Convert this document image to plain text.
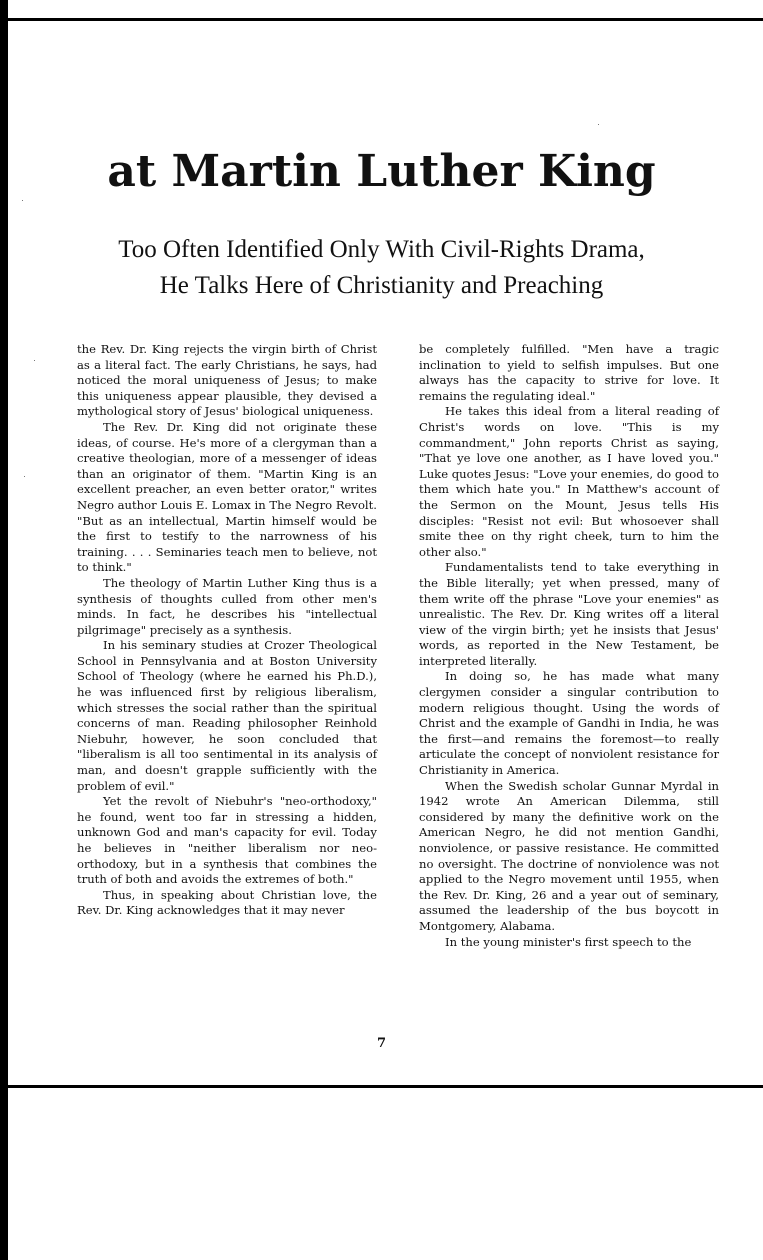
at Martin Luther King
Too Often Identified Only With Civil-Rights Drama,
He Talks Here of Christianity and Preaching

the Rev. Dr. King rejects the virgin birth of Christ as a literal fact. The early Christians, he says, had noticed the moral uniqueness of Jesus; to make this uniqueness appear plausible, they devised a mythological story of Jesus' biological uniqueness.

The Rev. Dr. King did not originate these ideas, of course. He's more of a clergyman than a creative theologian, more of a messenger of ideas than an originator of them. "Martin King is an excellent preacher, an even better orator," writes Negro author Louis E. Lomax in The Negro Revolt. "But as an intellectual, Martin himself would be the first to testify to the narrowness of his training. . . . Seminaries teach men to believe, not to think."

The theology of Martin Luther King thus is a synthesis of thoughts culled from other men's minds. In fact, he describes his "intellectual pilgrimage" precisely as a synthesis.

In his seminary studies at Crozer Theological School in Pennsylvania and at Boston University School of Theology (where he earned his Ph.D.), he was influenced first by religious liberalism, which stresses the social rather than the spiritual concerns of man. Reading philosopher Reinhold Niebuhr, however, he soon concluded that "liberalism is all too sentimental in its analysis of man, and doesn't grapple sufficiently with the problem of evil."

Yet the revolt of Niebuhr's "neo-orthodoxy," he found, went too far in stressing a hidden, unknown God and man's capacity for evil. Today he believes in "neither liberalism nor neo-orthodoxy, but in a synthesis that combines the truth of both and avoids the extremes of both."

Thus, in speaking about Christian love, the Rev. Dr. King acknowledges that it may never

be completely fulfilled. "Men have a tragic inclination to yield to selfish impulses. But one always has the capacity to strive for love. It remains the regulating ideal."

He takes this ideal from a literal reading of Christ's words on love. "This is my commandment," John reports Christ as saying, "That ye love one another, as I have loved you." Luke quotes Jesus: "Love your enemies, do good to them which hate you." In Matthew's account of the Sermon on the Mount, Jesus tells His disciples: "Resist not evil: But whosoever shall smite thee on thy right cheek, turn to him the other also."

Fundamentalists tend to take everything in the Bible literally; yet when pressed, many of them write off the phrase "Love your enemies" as unrealistic. The Rev. Dr. King writes off a literal view of the virgin birth; yet he insists that Jesus' words, as reported in the New Testament, be interpreted literally.

In doing so, he has made what many clergymen consider a singular contribution to modern religious thought. Using the words of Christ and the example of Gandhi in India, he was the first—and remains the foremost—to really articulate the concept of nonviolent resistance for Christianity in America.

When the Swedish scholar Gunnar Myrdal in 1942 wrote An American Dilemma, still considered by many the definitive work on the American Negro, he did not mention Gandhi, nonviolence, or passive resistance. He committed no oversight. The doctrine of nonviolence was not applied to the Negro movement until 1955, when the Rev. Dr. King, 26 and a year out of seminary, assumed the leadership of the bus boycott in Montgomery, Alabama.

In the young minister's first speech to the

7
